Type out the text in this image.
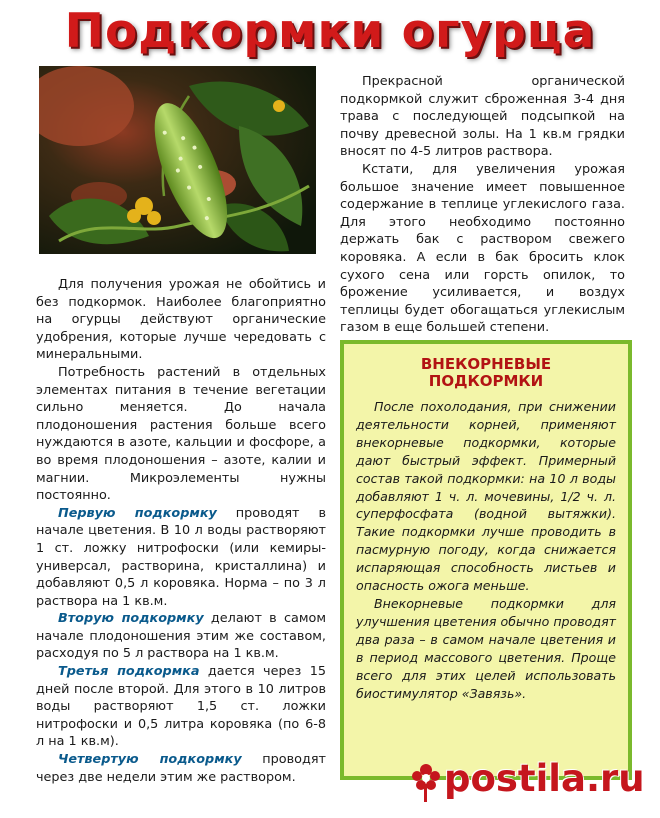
Подкормки огурца

Для получения урожая не обойтись и без подкормок. Наиболее благоприятно на огурцы действуют органические удобрения, которые лучше чередовать с минеральными.

Потребность растений в отдельных элементах питания в течение вегетации сильно меняется. До начала плодоношения растения больше всего нуждаются в азоте, кальции и фосфоре, а во время плодоношения – азоте, калии и магнии. Микроэлементы нужны постоянно.

Первую подкормку проводят в начале цветения. В 10 л воды растворяют 1 ст. ложку нитрофоски (или кемиры-универсал, растворина, кристаллина) и добавляют 0,5 л коровяка. Норма – по 3 л раствора на 1 кв.м.

Вторую подкормку делают в самом начале плодоношения этим же составом, расходуя по 5 л раствора на 1 кв.м.

Третья подкормка дается через 15 дней после второй. Для этого в 10 литров воды растворяют 1,5 ст. ложки нитрофоски и 0,5 литра коровяка (по 6-8 л на 1 кв.м).

Четвертую подкормку проводят через две недели этим же раствором.

Прекрасной органической подкормкой служит сброженная 3-4 дня трава с последующей подсыпкой на почву древесной золы. На 1 кв.м грядки вносят по 4-5 литров раствора.

Кстати, для увеличения урожая большое значение имеет повышенное содержание в теплице углекислого газа. Для этого необходимо постоянно держать бак с раствором свежего коровяка. А если в бак бросить клок сухого сена или горсть опилок, то брожение усиливается, и воздух теплицы будет обогащаться углекислым газом в еще большей степени.

ВНЕКОРНЕВЫЕ
ПОДКОРМКИ

После похолодания, при снижении деятельности корней, применяют внекорневые подкормки, которые дают быстрый эффект. Примерный состав такой подкормки: на 10 л воды добавляют 1 ч. л. мочевины, 1/2 ч. л. суперфосфата (водной вытяжки). Такие подкормки лучше проводить в пасмурную погоду, когда снижается испаряющая способность листьев и опасность ожога меньше.

Внекорневые подкормки для улучшения цветения обычно проводят два раза – в самом начале цветения и в период массового цветения. Проще всего для этих целей использовать биостимулятор «Завязь».

postila.ru
